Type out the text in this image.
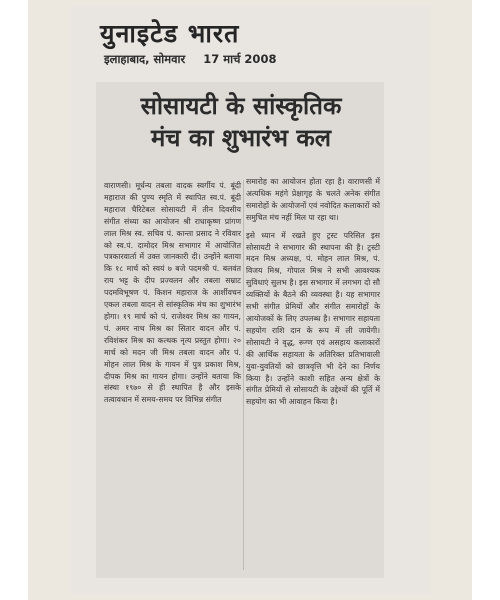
युनाइटेड भारत
इलाहाबाद, सोमवार 17 मार्च 2008
सोसायटी के सांस्कृतिक
मंच का शुभारंभ कल

वाराणसी। मूर्धन्य तबला वादक स्वर्गीय पं. बूंदी महाराज की पुण्य स्मृति में स्थापित स्व.पं. बूंदी महाराज चैरिटेबल सोसायटी में तीन दिवसीय संगीत संध्या का आयोजन श्री राधाकृष्ण प्रांगण लाल मिश्र स्व. सचिव पं. कान्ता प्रसाद ने रविवार को स्व.पं. दामोदर मिश्र सभागार में आयोजित पत्रकारवार्ता में उक्त जानकारी दी। उन्होंने बताया कि १८ मार्च को स्वयं ७ बजे पदमश्री पं. बलवंत राय भट्ट के दीप प्रज्वलन और तबला सम्राट पदमविभूषण पं. किशन महाराज के आर्शीवचन एकल तबला वादन से सांस्कृतिक मंच का शुभारंभ होगा। १९ मार्च को पं. राजेश्वर मिश्र का गायन, पं. अमर नाथ मिश्र का सितार वादन और पं. रविशंकर मिश्र का कत्थक नृत्य प्रस्तुत होगा। २० मार्च को मदन जी मिश्र तबला वादन और पं. मोहन लाल मिश्र के गायन में पुत्र प्रकाश मिश्र, दीपक मिश्र का गायन होगा। उन्होंने बताया कि संस्था १९७० से ही स्थापित है और इसके तत्वावधान में समय-समय पर विभिन्न संगीत

समारोह का आयोजन होता रहा है। वाराणसी में अत्यधिक महंगे प्रेक्षागृह के चलते अनेक संगीत समारोहों के आयोजनों एवं नवोदित कलाकारों को समुचित मंच नहीं मिल पा रहा था।

इसे ध्यान में रखते हुए ट्रस्ट परिसित इस सोसायटी ने सभागार की स्थापना की है। ट्रस्टी मदन मिश्र अध्यक्ष, पं. मोहन लाल मिश्र, पं. विजय मिश्र, गोपाल मिश्र ने सभी आवश्यक सुविधाएं सुलभ है। इस सभागार में लगभग दो सौ व्यक्तियों के बैठने की व्यवस्था है। यह सभागार सभी संगीत प्रेमियों और संगीत समारोहों के आयोजकों के लिए उपलब्ध है। सभागार सहायता सहयोग राशि दान के रूप में ली जायेगी। सोसायटी ने वृद्ध, रूग्ण एवं असहाय कलाकारों की आर्थिक सहायता के अतिरिक्त प्रतिभावाली युवा-युवतियों को छात्रवृत्ति भी देने का निर्णय किया है। उन्होंने काशी सहित अन्य क्षेत्रों के संगीत प्रेमियों से सोसायटी के उद्देश्यों की पूर्ति में सहयोग का भी आवाहन किया है।
